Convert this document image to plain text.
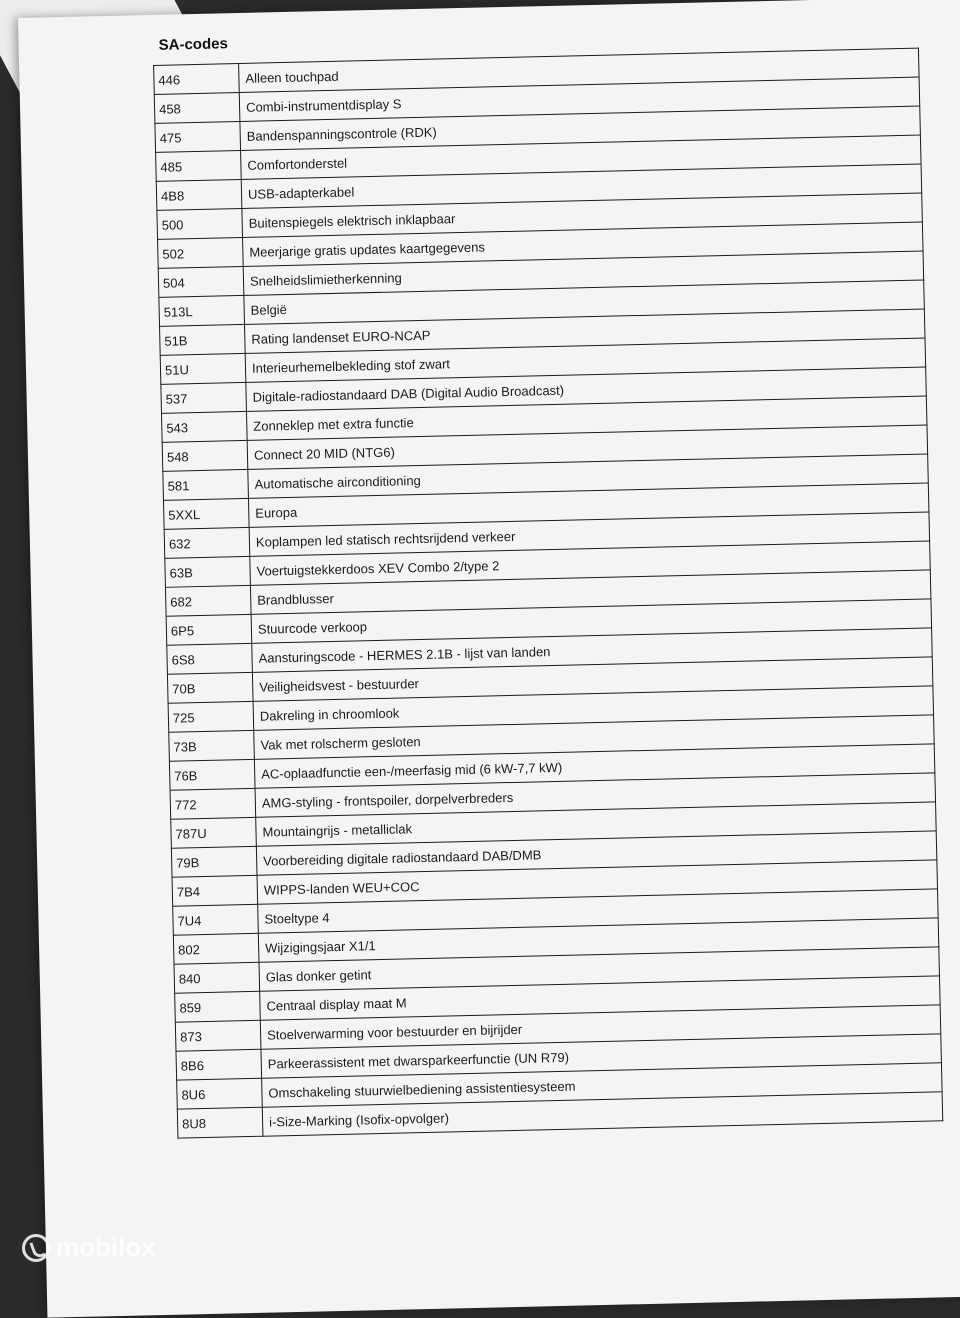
SA-codes
446	Alleen touchpad
458	Combi-instrumentdisplay S
475	Bandenspanningscontrole (RDK)
485	Comfortonderstel
4B8	USB-adapterkabel
500	Buitenspiegels elektrisch inklapbaar
502	Meerjarige gratis updates kaartgegevens
504	Snelheidslimietherkenning
513L	België
51B	Rating landenset EURO-NCAP
51U	Interieurhemelbekleding stof zwart
537	Digitale-radiostandaard DAB (Digital Audio Broadcast)
543	Zonneklep met extra functie
548	Connect 20 MID (NTG6)
581	Automatische airconditioning
5XXL	Europa
632	Koplampen led statisch rechtsrijdend verkeer
63B	Voertuigstekkerdoos XEV Combo 2/type 2
682	Brandblusser
6P5	Stuurcode verkoop
6S8	Aansturingscode - HERMES 2.1B - lijst van landen
70B	Veiligheidsvest - bestuurder
725	Dakreling in chroomlook
73B	Vak met rolscherm gesloten
76B	AC-oplaadfunctie een-/meerfasig mid (6 kW-7,7 kW)
772	AMG-styling - frontspoiler, dorpelverbreders
787U	Mountaingrijs - metalliclak
79B	Voorbereiding digitale radiostandaard DAB/DMB
7B4	WIPPS-landen WEU+COC
7U4	Stoeltype 4
802	Wijzigingsjaar X1/1
840	Glas donker getint
859	Centraal display maat M
873	Stoelverwarming voor bestuurder en bijrijder
8B6	Parkeerassistent met dwarsparkeerfunctie (UN R79)
8U6	Omschakeling stuurwielbediening assistentiesysteem
8U8	i-Size-Marking (Isofix-opvolger)
mobilox
